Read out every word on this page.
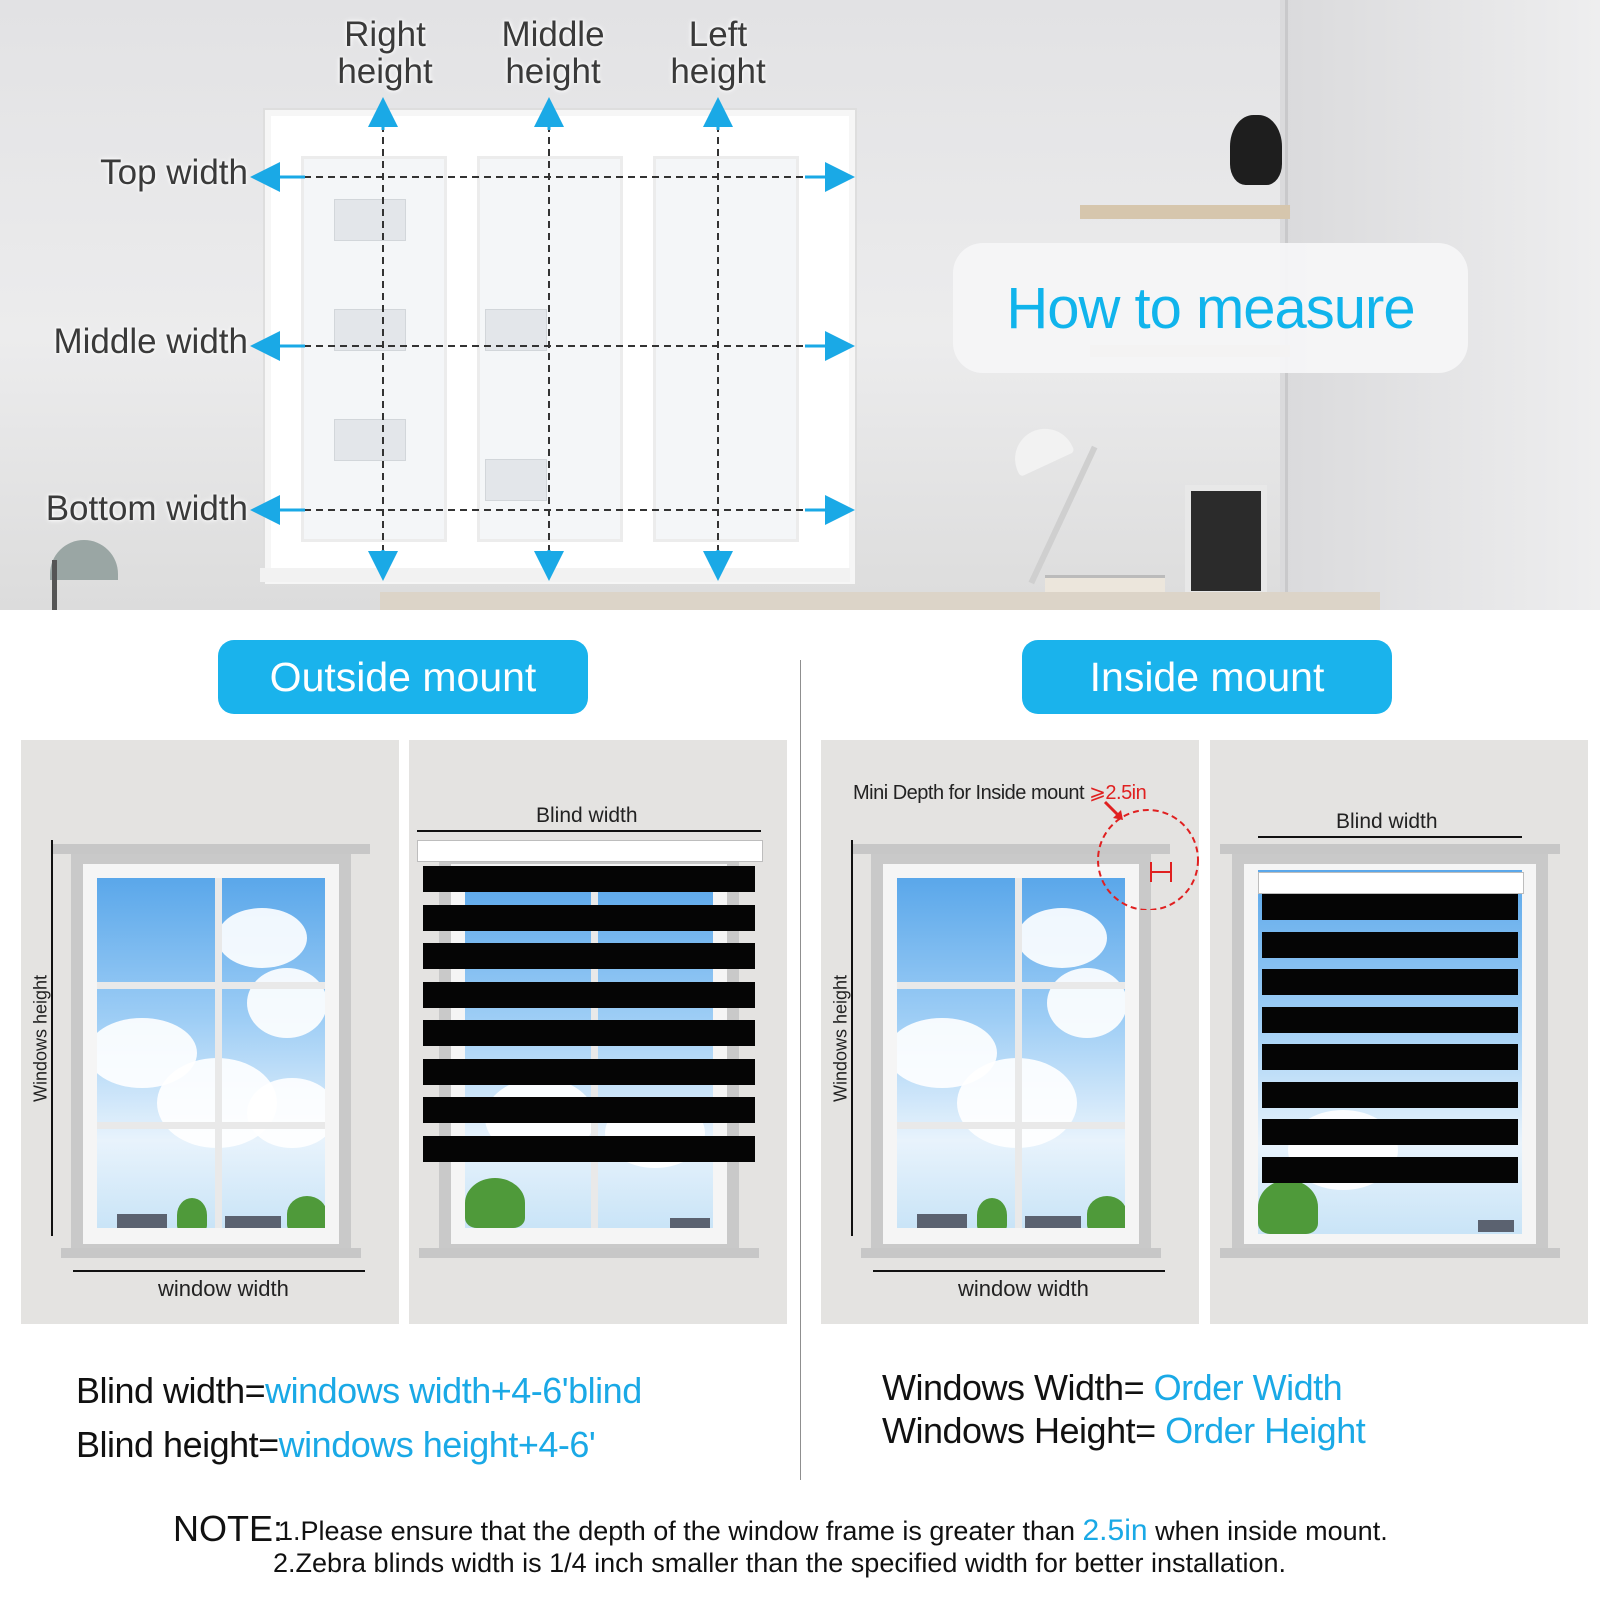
Right
height
Middle
height
Left
height
Top width
Middle width
Bottom width
How to measure
Outside mount	Inside mount
Windows height
window width
Blind width
Mini Depth for Inside mount ⩾2.5in
Windows height
window width
Blind width
Blind width=windows width+4-6'blind
Blind height=windows height+4-6'
Windows Width= Order Width
Windows Height= Order Height
NOTE:
1.Please ensure that the depth of the window frame is greater than 2.5in when inside mount.
2.Zebra blinds width is 1/4 inch smaller than the specified width for better installation.
